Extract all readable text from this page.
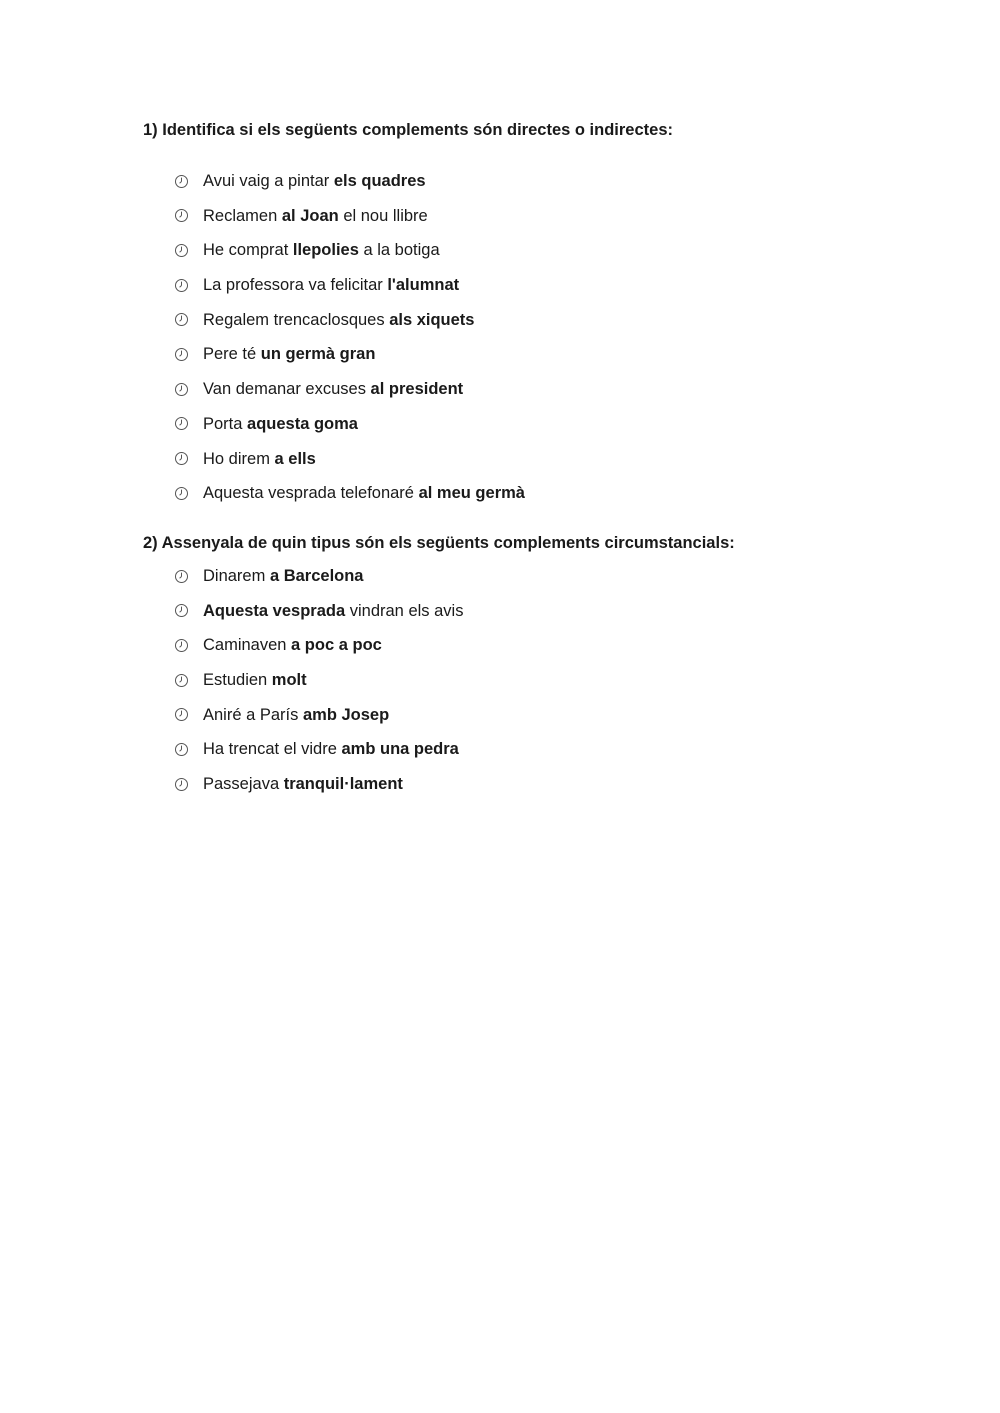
1) Identifica si els següents complements són directes o indirectes:
Avui vaig a pintar els quadres
Reclamen al Joan el nou llibre
He comprat llepolies a la botiga
La professora va felicitar l'alumnat
Regalem trencaclosques als xiquets
Pere té un germà gran
Van demanar excuses al president
Porta aquesta goma
Ho direm a ells
Aquesta vesprada telefonaré al meu germà
2) Assenyala de quin tipus són els següents complements circumstancials:
Dinarem a Barcelona
Aquesta vesprada vindran els avis
Caminaven a poc a poc
Estudien molt
Aniré a París amb Josep
Ha trencat el vidre amb una pedra
Passejava tranquil·lament
